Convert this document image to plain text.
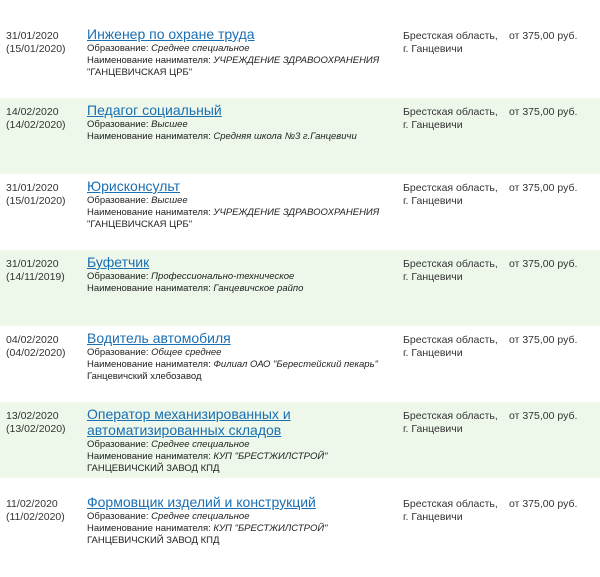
31/01/2020
(15/01/2020)
Инженер по охране труда
Образование: Среднее специальное
Наименование нанимателя: УЧРЕЖДЕНИЕ ЗДРАВООХРАНЕНИЯ
"ГАНЦЕВИЧСКАЯ ЦРБ"
Брестская область,
г. Ганцевичи
от 375,00 руб.
14/02/2020
(14/02/2020)
Педагог социальный
Образование: Высшее
Наименование нанимателя: Средняя школа №3 г.Ганцевичи
Брестская область,
г. Ганцевичи
от 375,00 руб.
31/01/2020
(15/01/2020)
Юрисконсульт
Образование: Высшее
Наименование нанимателя: УЧРЕЖДЕНИЕ ЗДРАВООХРАНЕНИЯ
"ГАНЦЕВИЧСКАЯ ЦРБ"
Брестская область,
г. Ганцевичи
от 375,00 руб.
31/01/2020
(14/11/2019)
Буфетчик
Образование: Профессионально-техническое
Наименование нанимателя: Ганцевичское райпо
Брестская область,
г. Ганцевичи
от 375,00 руб.
04/02/2020
(04/02/2020)
Водитель автомобиля
Образование: Общее среднее
Наименование нанимателя: Филиал ОАО "Берестейский пекарь"
Ганцевичский хлебозавод
Брестская область,
г. Ганцевичи
от 375,00 руб.
13/02/2020
(13/02/2020)
Оператор механизированных и
автоматизированных складов
Образование: Среднее специальное
Наименование нанимателя: КУП "БРЕСТЖИЛСТРОЙ"
ГАНЦЕВИЧСКИЙ ЗАВОД КПД
Брестская область,
г. Ганцевичи
от 375,00 руб.
11/02/2020
(11/02/2020)
Формовщик изделий и конструкций
Образование: Среднее специальное
Наименование нанимателя: КУП "БРЕСТЖИЛСТРОЙ"
ГАНЦЕВИЧСКИЙ ЗАВОД КПД
Брестская область,
г. Ганцевичи
от 375,00 руб.
